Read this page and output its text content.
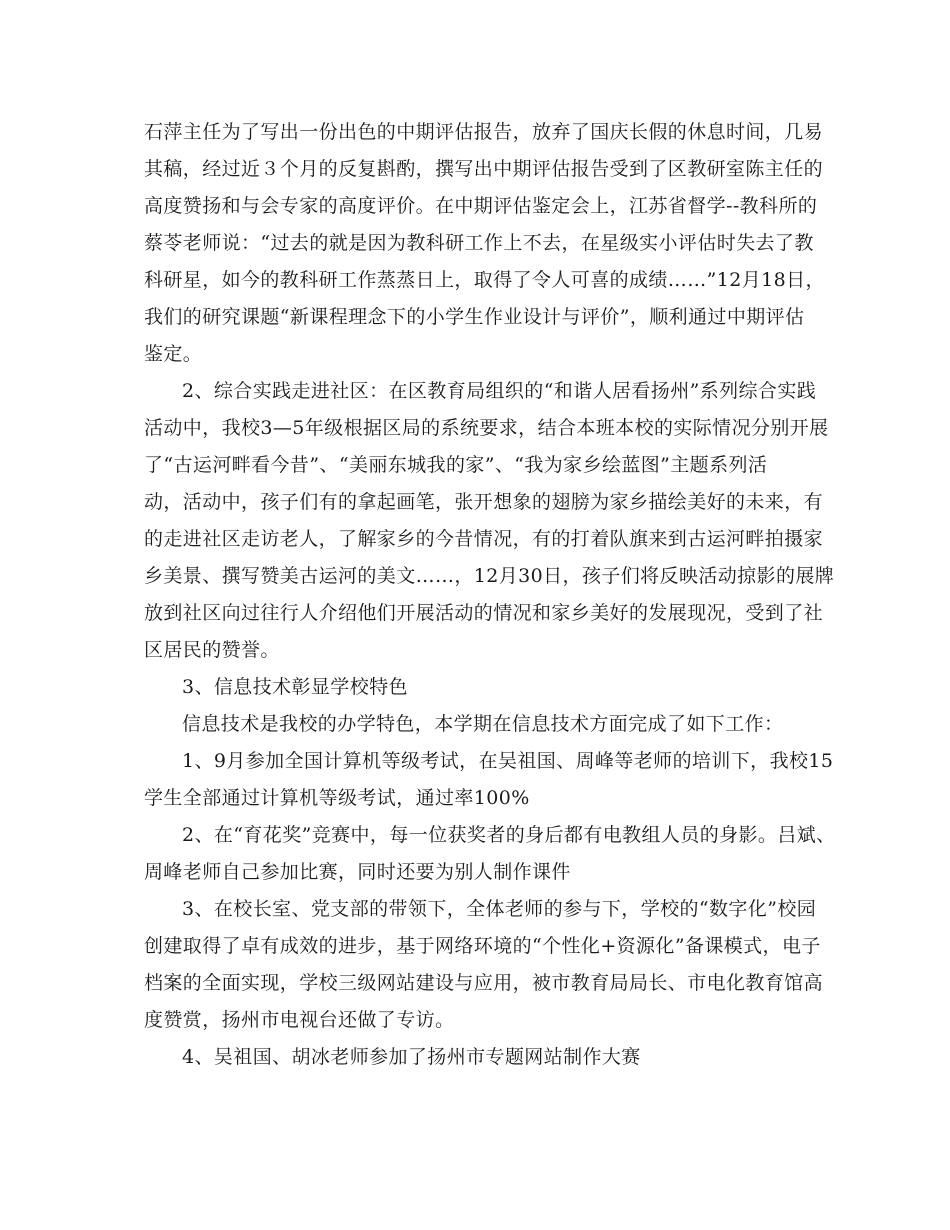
石萍主任为了写出一份出色的中期评估报告，放弃了国庆长假的休息时间，几易
其稿，经过近３个月的反复斟酌，撰写出中期评估报告受到了区教研室陈主任的
高度赞扬和与会专家的高度评价。在中期评估鉴定会上，江苏省督学--教科所的
蔡苓老师说：“过去的就是因为教科研工作上不去，在星级实小评估时失去了教
科研星，如今的教科研工作蒸蒸日上，取得了令人可喜的成绩……”12月18日，
我们的研究课题“新课程理念下的小学生作业设计与评价”，顺利通过中期评估
鉴定。
2、综合实践走进社区：在区教育局组织的“和谐人居看扬州”系列综合实践
活动中，我校3—5年级根据区局的系统要求，结合本班本校的实际情况分别开展
了“古运河畔看今昔”、“美丽东城我的家”、“我为家乡绘蓝图”主题系列活
动，活动中，孩子们有的拿起画笔，张开想象的翅膀为家乡描绘美好的未来，有
的走进社区走访老人，了解家乡的今昔情况，有的打着队旗来到古运河畔拍摄家
乡美景、撰写赞美古运河的美文……，12月30日，孩子们将反映活动掠影的展牌
放到社区向过往行人介绍他们开展活动的情况和家乡美好的发展现况，受到了社
区居民的赞誉。
3、信息技术彰显学校特色
信息技术是我校的办学特色，本学期在信息技术方面完成了如下工作：
1、9月参加全国计算机等级考试，在吴祖国、周峰等老师的培训下，我校15
学生全部通过计算机等级考试，通过率100%
2、在“育花奖”竞赛中，每一位获奖者的身后都有电教组人员的身影。吕斌、
周峰老师自己参加比赛，同时还要为别人制作课件
3、在校长室、党支部的带领下，全体老师的参与下，学校的“数字化”校园
创建取得了卓有成效的进步，基于网络环境的“个性化+资源化”备课模式，电子
档案的全面实现，学校三级网站建设与应用，被市教育局局长、市电化教育馆高
度赞赏，扬州市电视台还做了专访。
4、吴祖国、胡冰老师参加了扬州市专题网站制作大赛
